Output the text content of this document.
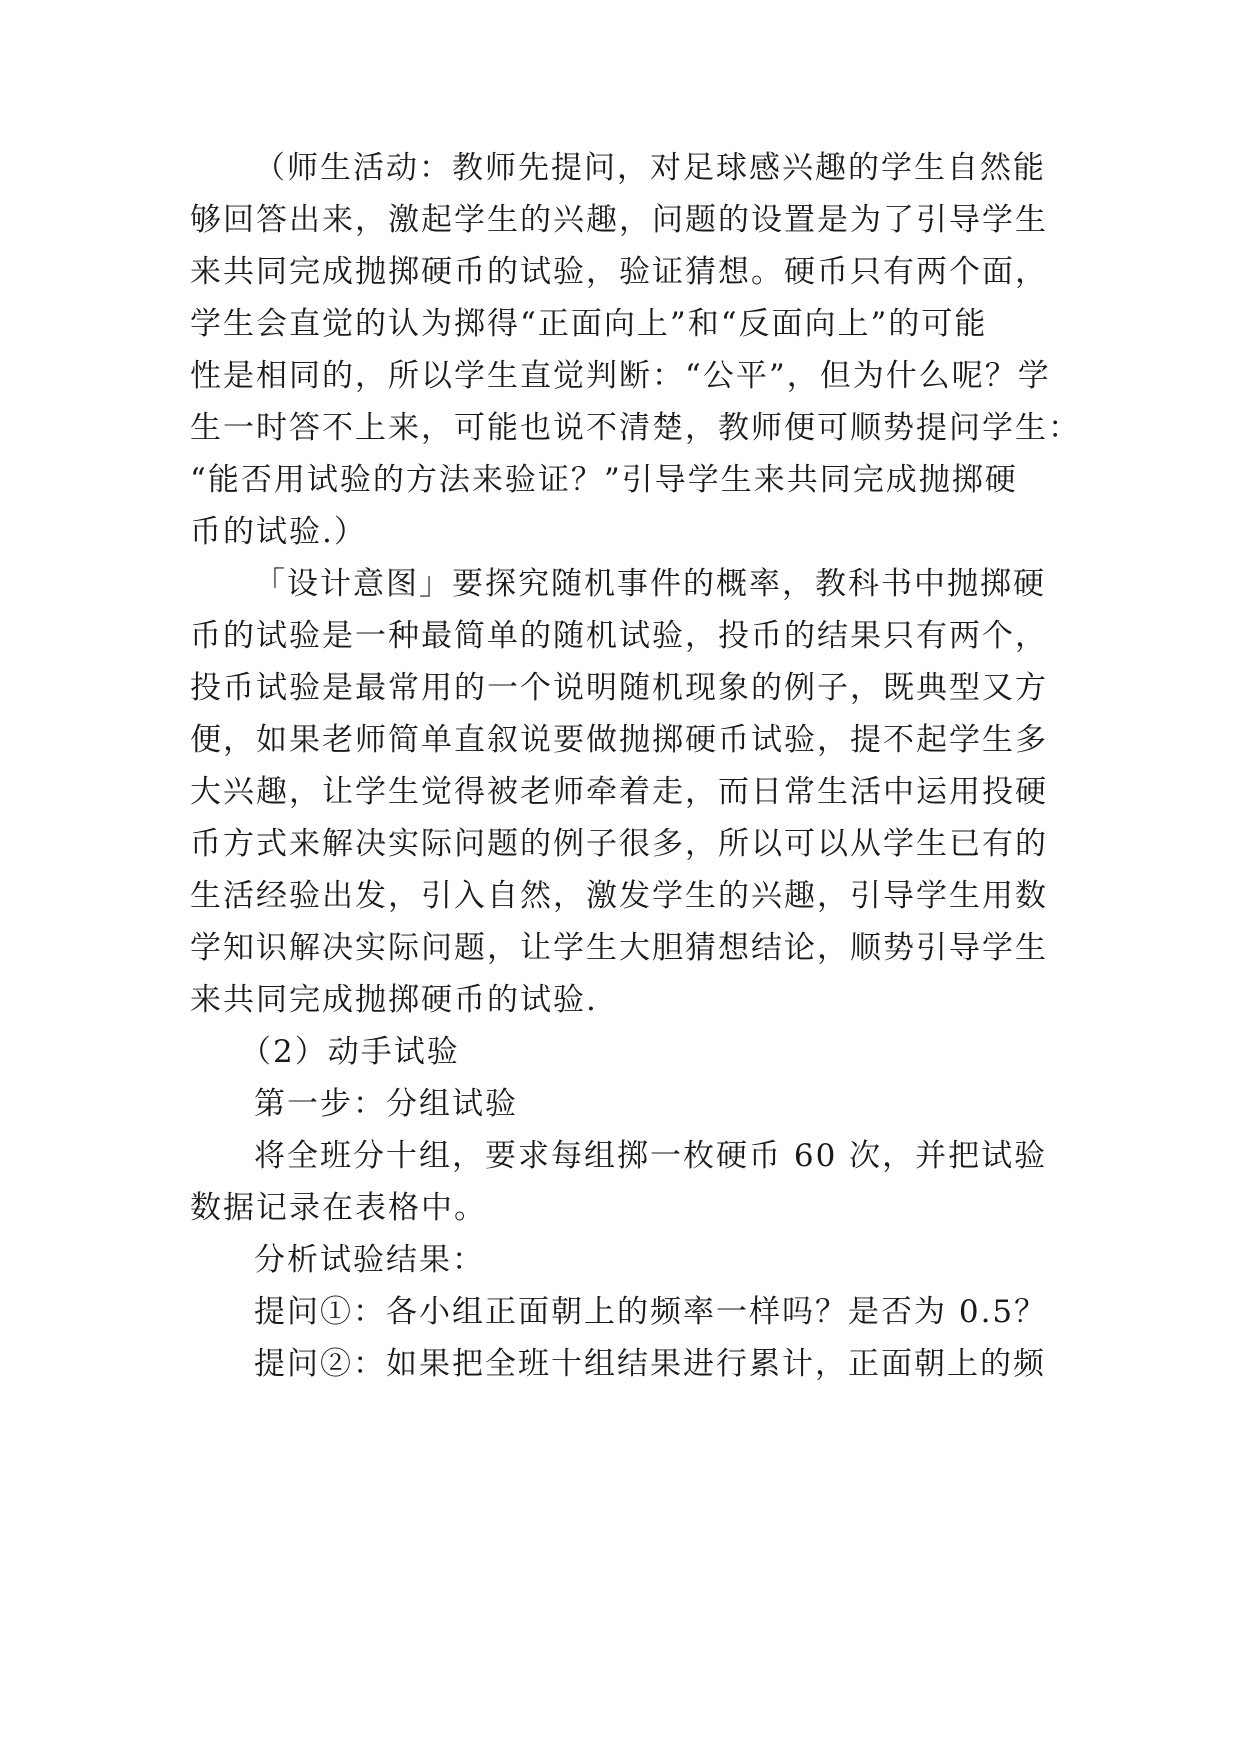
（师生活动：教师先提问，对足球感兴趣的学生自然能
够回答出来，激起学生的兴趣，问题的设置是为了引导学生
来共同完成抛掷硬币的试验，验证猜想。硬币只有两个面，
学生会直觉的认为掷得“正面向上”和“反面向上”的可能
性是相同的，所以学生直觉判断：“公平”，但为什么呢？学
生一时答不上来，可能也说不清楚，教师便可顺势提问学生：
“能否用试验的方法来验证？”引导学生来共同完成抛掷硬
币的试验.）
「设计意图」要探究随机事件的概率，教科书中抛掷硬
币的试验是一种最简单的随机试验，投币的结果只有两个，
投币试验是最常用的一个说明随机现象的例子，既典型又方
便，如果老师简单直叙说要做抛掷硬币试验，提不起学生多
大兴趣，让学生觉得被老师牵着走，而日常生活中运用投硬
币方式来解决实际问题的例子很多，所以可以从学生已有的
生活经验出发，引入自然，激发学生的兴趣，引导学生用数
学知识解决实际问题，让学生大胆猜想结论，顺势引导学生
来共同完成抛掷硬币的试验.
（2）动手试验
第一步：分组试验
将全班分十组，要求每组掷一枚硬币 60 次，并把试验
数据记录在表格中。
分析试验结果：
提问①：各小组正面朝上的频率一样吗？是否为 0.5？
提问②：如果把全班十组结果进行累计，正面朝上的频
